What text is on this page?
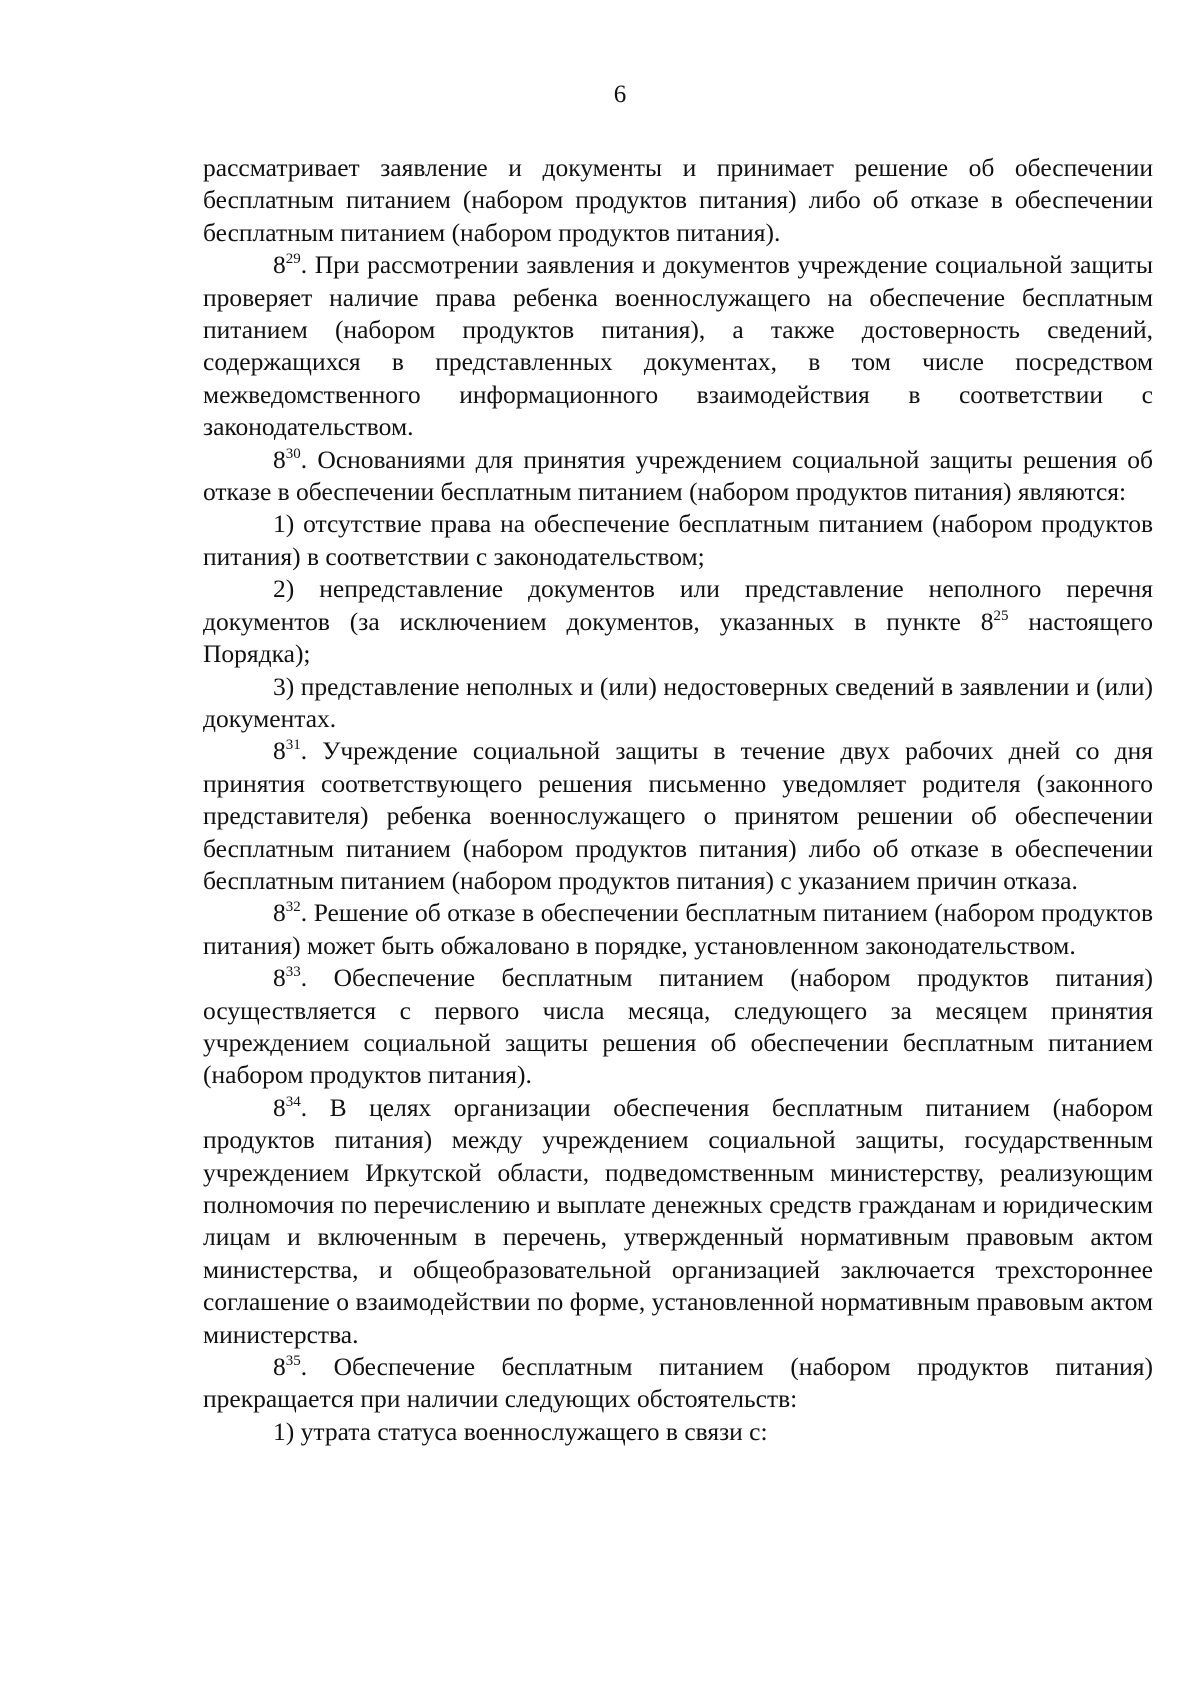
6

рассматривает заявление и документы и принимает решение об обеспечении бесплатным питанием (набором продуктов питания) либо об отказе в обеспечении бесплатным питанием (набором продуктов питания).

$8^{29}$. При рассмотрении заявления и документов учреждение социальной защиты проверяет наличие права ребенка военнослужащего на обеспечение бесплатным питанием (набором продуктов питания), а также достоверность сведений, содержащихся в представленных документах, в том числе посредством межведомственного информационного взаимодействия в соответствии с законодательством.

$8^{30}$. Основаниями для принятия учреждением социальной защиты решения об отказе в обеспечении бесплатным питанием (набором продуктов питания) являются:

1) отсутствие права на обеспечение бесплатным питанием (набором продуктов питания) в соответствии с законодательством;

2) непредставление документов или представление неполного перечня документов (за исключением документов, указанных в пункте $8^{25}$ настоящего Порядка);

3) представление неполных и (или) недостоверных сведений в заявлении и (или) документах.

$8^{31}$. Учреждение социальной защиты в течение двух рабочих дней со дня принятия соответствующего решения письменно уведомляет родителя (законного представителя) ребенка военнослужащего о принятом решении об обеспечении бесплатным питанием (набором продуктов питания) либо об отказе в обеспечении бесплатным питанием (набором продуктов питания) с указанием причин отказа.

$8^{32}$. Решение об отказе в обеспечении бесплатным питанием (набором продуктов питания) может быть обжаловано в порядке, установленном законодательством.

$8^{33}$. Обеспечение бесплатным питанием (набором продуктов питания) осуществляется с первого числа месяца, следующего за месяцем принятия учреждением социальной защиты решения об обеспечении бесплатным питанием (набором продуктов питания).

$8^{34}$. В целях организации обеспечения бесплатным питанием (набором продуктов питания) между учреждением социальной защиты, государственным учреждением Иркутской области, подведомственным министерству, реализующим полномочия по перечислению и выплате денежных средств гражданам и юридическим лицам и включенным в перечень, утвержденный нормативным правовым актом министерства, и общеобразовательной организацией заключается трехстороннее соглашение о взаимодействии по форме, установленной нормативным правовым актом министерства.

$8^{35}$. Обеспечение бесплатным питанием (набором продуктов питания) прекращается при наличии следующих обстоятельств:

1) утрата статуса военнослужащего в связи с:
